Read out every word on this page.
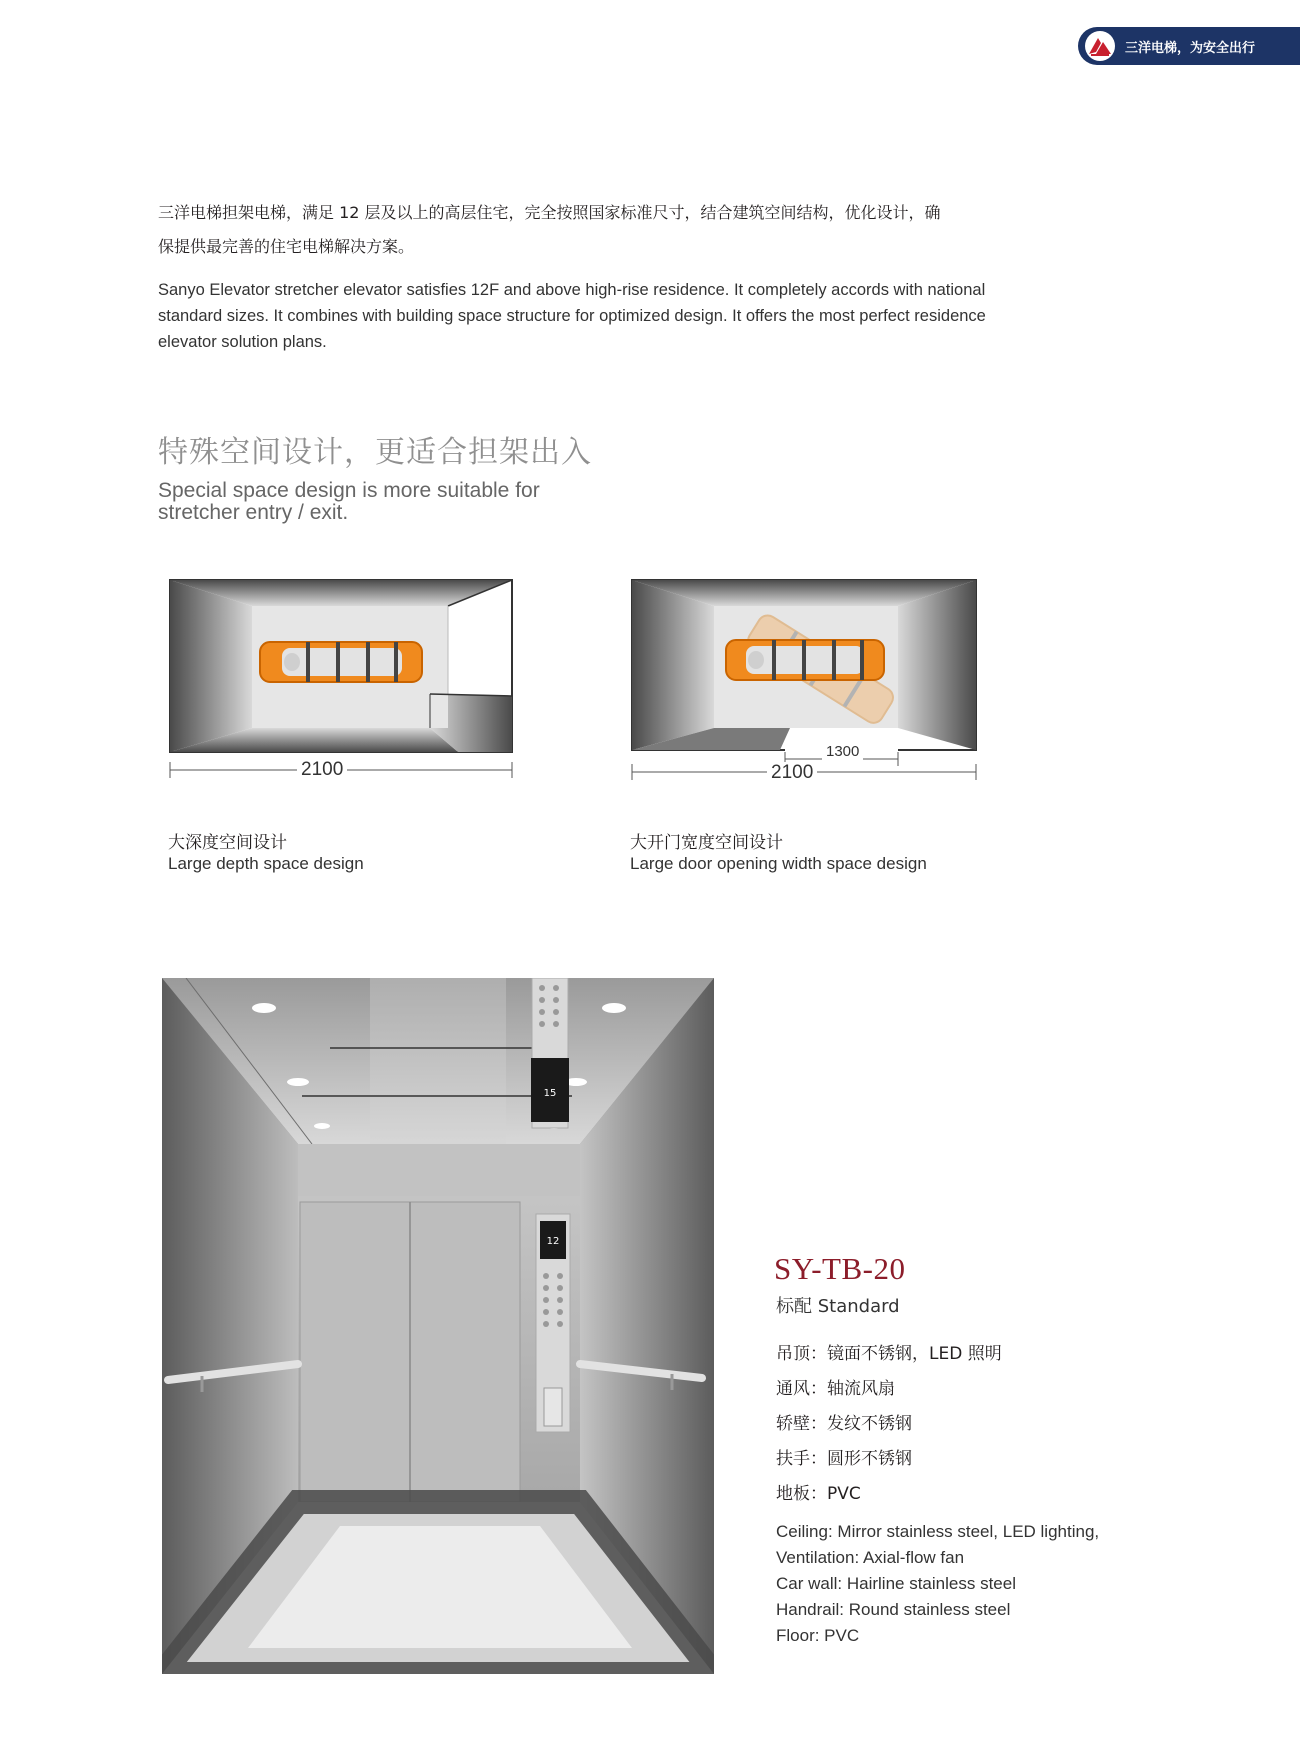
三洋电梯，为安全出行
三洋电梯担架电梯，满足 12 层及以上的高层住宅，完全按照国家标准尺寸，结合建筑空间结构，优化设计，确
保提供最完善的住宅电梯解决方案。
Sanyo Elevator stretcher elevator satisfies 12F and above high-rise residence. It completely accords with national standard sizes. It combines with building space structure for optimized design. It offers the most perfect residence elevator solution plans.
特殊空间设计，更适合担架出入
Special space design is more suitable for
stretcher entry / exit.
2100
大深度空间设计
Large depth space design
1300
2100
大开门宽度空间设计
Large door opening width space design
12
15
SY-TB-20
标配 Standard
吊顶：镜面不锈钢，LED 照明
通风：轴流风扇
轿壁：发纹不锈钢
扶手：圆形不锈钢
地板：PVC
Ceiling: Mirror stainless steel, LED lighting,
Ventilation: Axial-flow fan
Car wall: Hairline stainless steel
Handrail: Round stainless steel
Floor: PVC
